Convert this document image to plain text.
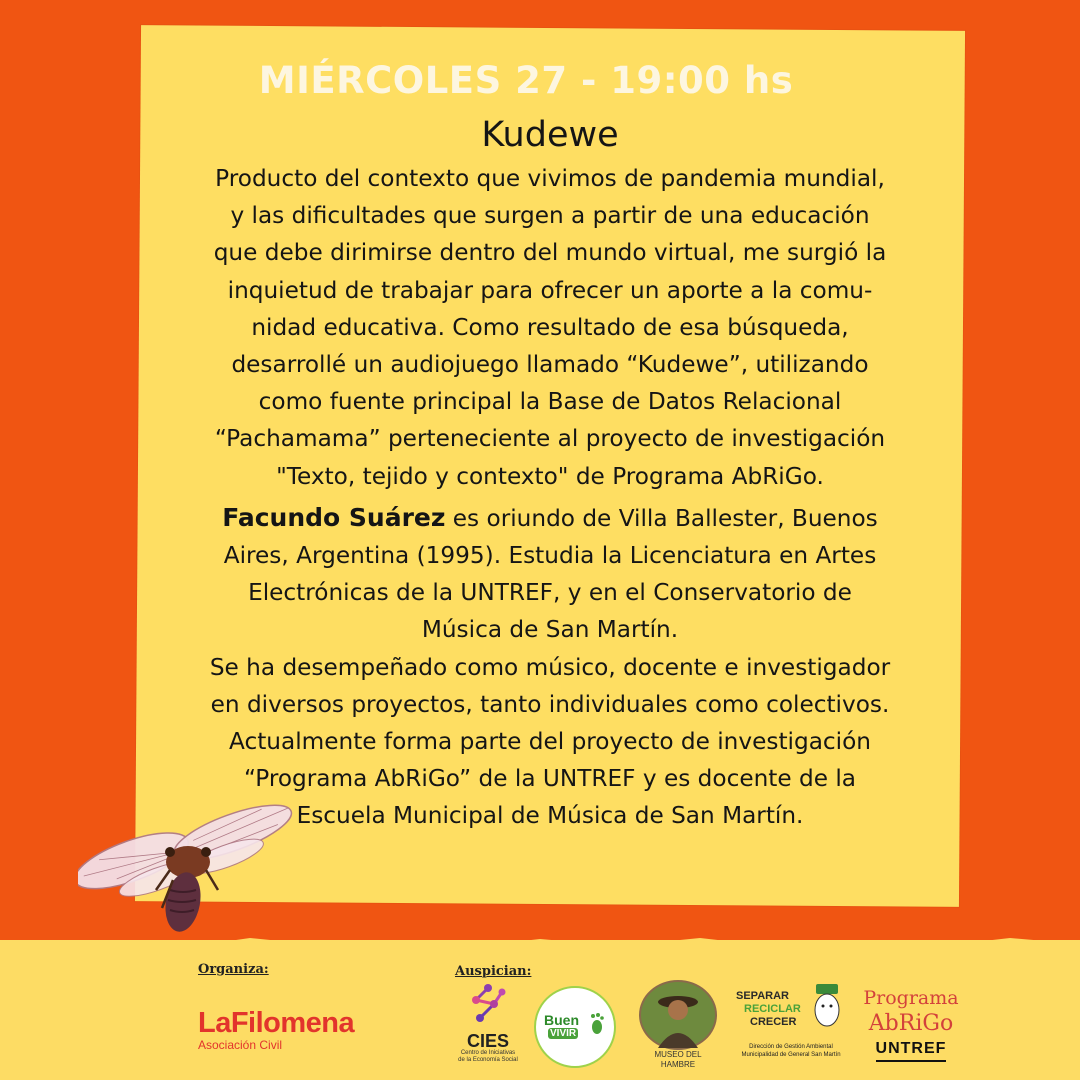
MIÉRCOLES 27 - 19:00 hs
Kudewe
Producto del contexto que vivimos de pandemia mundial,
y las dificultades que surgen a partir de una educación
que debe dirimirse dentro del mundo virtual, me surgió la
inquietud de trabajar para ofrecer un aporte a la comu-
nidad educativa. Como resultado de esa búsqueda,
desarrollé un audiojuego llamado “Kudewe”, utilizando
como fuente principal la Base de Datos Relacional
“Pachamama” perteneciente al proyecto de investigación
"Texto, tejido y contexto" de Programa AbRiGo.
Facundo Suárez es oriundo de Villa Ballester, Buenos
Aires, Argentina (1995). Estudia la Licenciatura en Artes
Electrónicas de la UNTREF, y en el Conservatorio de
Música de San Martín.
Se ha desempeñado como músico, docente e investigador
en diversos proyectos, tanto individuales como colectivos.
Actualmente forma parte del proyecto de investigación
“Programa AbRiGo” de la UNTREF y es docente de la
Escuela Municipal de Música de San Martín.
Organiza:	Auspician:
LaFilomena
Asociación Civil	CIES
Centro de Iniciativas
de la Economía Social
Buen
VIVIR
MUSEO DEL
HAMBRE
SEPARAR
RECICLAR
CRECER
Dirección de Gestión Ambiental
Municipalidad de General San Martín
Programa
AbRiGo
UNTREF
